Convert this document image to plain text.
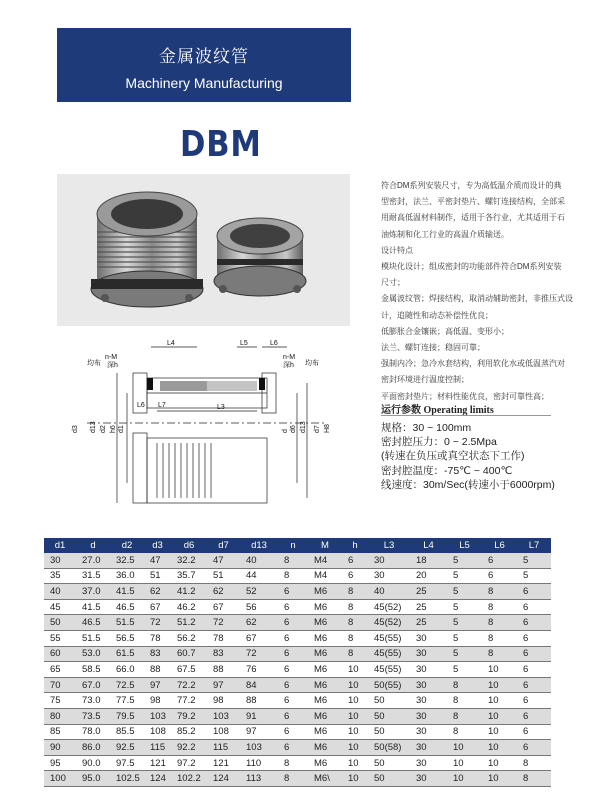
金属波纹管
Machinery Manufacturing
DBM
L4	L5	L6
n-M
深h
均布
n-M
深h 均布
L3
L6 L7
d3 d13 d2 h6 d1	d d6 d13 d7 H8

符合DM系列安装尺寸，专为高低温介质而设计的典

型密封，法兰、平密封垫片、螺钉连接结构，全部采

用耐高低温材料制作，适用于各行业，尤其适用于石

油炼制和化工行业的高温介质输送。

设计特点

模块化设计；组成密封的功能部件符合DM系列安装

尺寸；

金属波纹管；焊接结构，取消动辅助密封，非推压式设

计，追随性和动态补偿性优良；

低膨胀合金镶嵌；高低温、变形小；

法兰、螺钉连接；稳固可靠；

强制内冷；急冷水套结构，利用软化水或低温蒸汽对

密封环境进行温度控制；

平面密封垫片；材料性能优良，密封可靠性高；

运行参数 Operating limits
规格：30 ~ 100mm
密封腔压力：0 ~ 2.5Mpa
(转速在负压或真空状态下工作)
密封腔温度：-75℃ ~ 400℃
线速度：30m/Sec(转速小于6000rpm)
d1	d	d2	d3	d6	d7	d13	n	M	h	L3	L4	L5	L6	L7
30	27.0	32.5	47	32.2	47	40	8	M4	6	30	18	5	6	5
35	31.5	36.0	51	35.7	51	44	8	M4	6	30	20	5	6	5
40	37.0	41.5	62	41.2	62	52	6	M6	8	40	25	5	8	6
45	41.5	46.5	67	46.2	67	56	6	M6	8	45(52)	25	5	8	6
50	46.5	51.5	72	51.2	72	62	6	M6	8	45(52)	25	5	8	6
55	51.5	56.5	78	56.2	78	67	6	M6	8	45(55)	30	5	8	6
60	53.0	61.5	83	60.7	83	72	6	M6	8	45(55)	30	5	8	6
65	58.5	66.0	88	67.5	88	76	6	M6	10	45(55)	30	5	10	6
70	67.0	72.5	97	72.2	97	84	6	M6	10	50(55)	30	8	10	6
75	73.0	77.5	98	77.2	98	88	6	M6	10	50	30	8	10	6
80	73.5	79.5	103	79.2	103	91	6	M6	10	50	30	8	10	6
85	78.0	85.5	108	85.2	108	97	6	M6	10	50	30	8	10	6
90	86.0	92.5	115	92.2	115	103	6	M6	10	50(58)	30	10	10	6
95	90.0	97.5	121	97.2	121	110	8	M6	10	50	30	10	10	8
100	95.0	102.5	124	102.2	124	113	8	M6\	10	50	30	10	10	8
